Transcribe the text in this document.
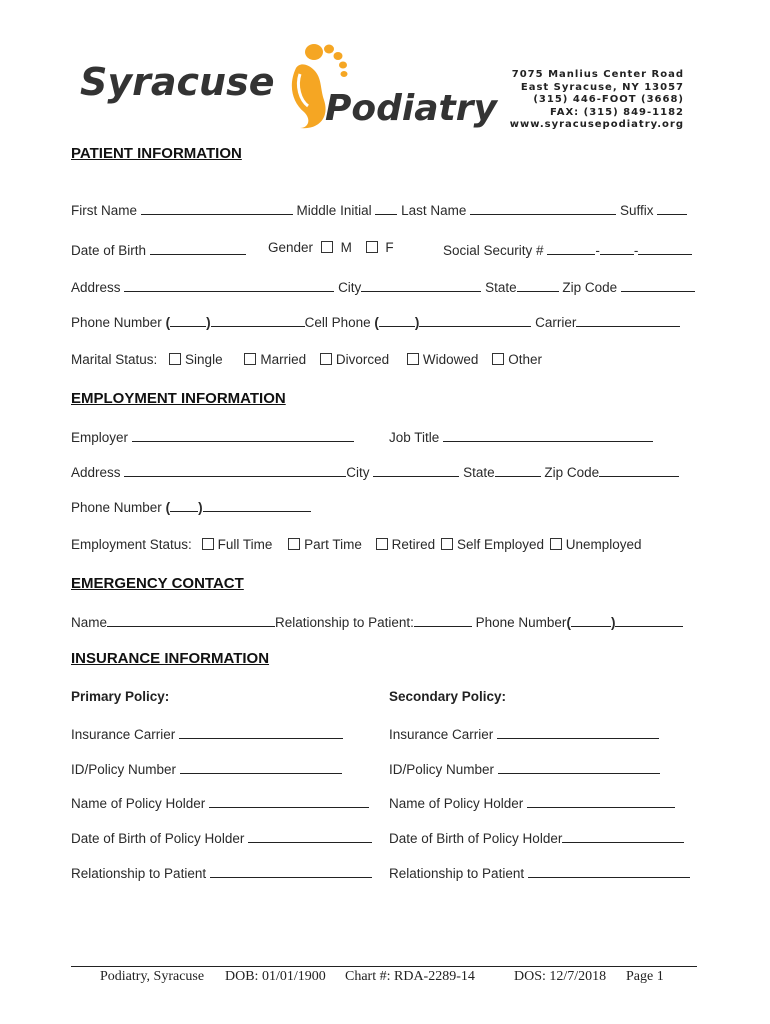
Syracuse
Podiatry
7075 Manlius Center Road
East Syracuse, NY 13057
(315) 446-FOOT (3668)
FAX: (315) 849-1182
www.syracusepodiatry.org
PATIENT INFORMATION
First Name	Middle Initial Last Name	Suffix
Date of Birth	Gender M F	Social Security #	-	-
Address	City	State	Zip Code
Phone Number (	)	Cell Phone (	)	Carrier
Marital Status: Single	Married Divorced	Widowed Other
EMPLOYMENT INFORMATION
Employer	Job Title
Address	City	State	Zip Code
Phone Number ( )
Employment Status: Full Time Part Time Retired Self Employed Unemployed
EMERGENCY CONTACT
Name	Relationship to Patient:	Phone Number(	)
INSURANCE INFORMATION
Primary Policy:	Secondary Policy:
Insurance Carrier	Insurance Carrier
ID/Policy Number	ID/Policy Number
Name of Policy Holder	Name of Policy Holder
Date of Birth of Policy Holder	Date of Birth of Policy Holder
Relationship to Patient	Relationship to Patient
Podiatry, Syracuse DOB: 01/01/1900 Chart #: RDA-2289-14	DOS: 12/7/2018 Page 1
